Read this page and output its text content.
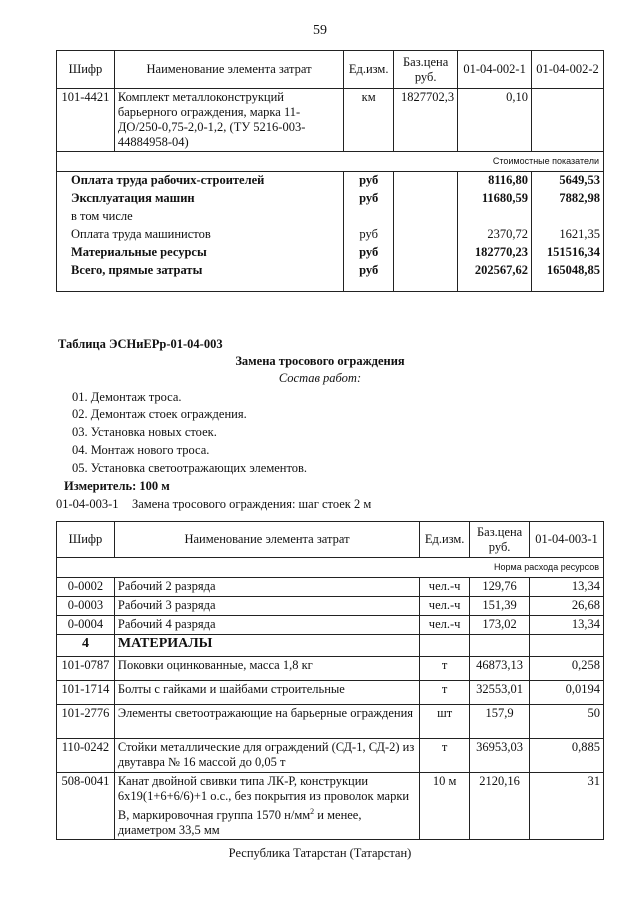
59
Шифр	Наименование элемента затрат	Ед.изм.	Баз.цена руб.	01-04-002-1	01-04-002-2
101-4421	Комплект металлоконструкций барьерного ограждения, марка 11-ДО/250-0,75-2,0-1,2, (ТУ 5216-003-44884958-04)	км	1827702,3	0,10	
Стоимостные показатели					
Оплата труда рабочих-строителей		руб		8116,80	5649,53
Эксплуатация машин		руб		11680,59	7882,98
в том числе					
Оплата труда машинистов		руб		2370,72	1621,35
Материальные ресурсы		руб		182770,23	151516,34
Всего, прямые затраты		руб		202567,62	165048,85
Таблица ЭСНиЕРр-01-04-003
Замена тросового ограждения
Состав работ:
01. Демонтаж троса.
02. Демонтаж стоек ограждения.
03. Установка новых стоек.
04. Монтаж нового троса.
05. Установка светоотражающих элементов.
Измеритель: 100 м
01-04-003-1 Замена тросового ограждения: шаг стоек 2 м
Шифр	Наименование элемента затрат	Ед.изм.	Баз.цена руб.	01-04-003-1
Норма расхода ресурсов				
0-0002	Рабочий 2 разряда	чел.-ч	129,76	13,34
0-0003	Рабочий 3 разряда	чел.-ч	151,39	26,68
0-0004	Рабочий 4 разряда	чел.-ч	173,02	13,34
4	МАТЕРИАЛЫ			
101-0787	Поковки оцинкованные, масса 1,8 кг	т	46873,13	0,258
101-1714	Болты с гайками и шайбами строительные	т	32553,01	0,0194
101-2776	Элементы светоотражающие на барьерные ограждения	шт	157,9	50
110-0242	Стойки металлические для ограждений (СД-1, СД-2) из двутавра № 16 массой до 0,05 т	т	36953,03	0,885
508-0041	Канат двойной свивки типа ЛК-Р, конструкции 6х19(1+6+6/6)+1 о.с., без покрытия из проволок марки В, маркировочная группа 1570 $н/мм^2$ и менее, диаметром 33,5 мм	10 м	2120,16	31
Республика Татарстан (Татарстан)
